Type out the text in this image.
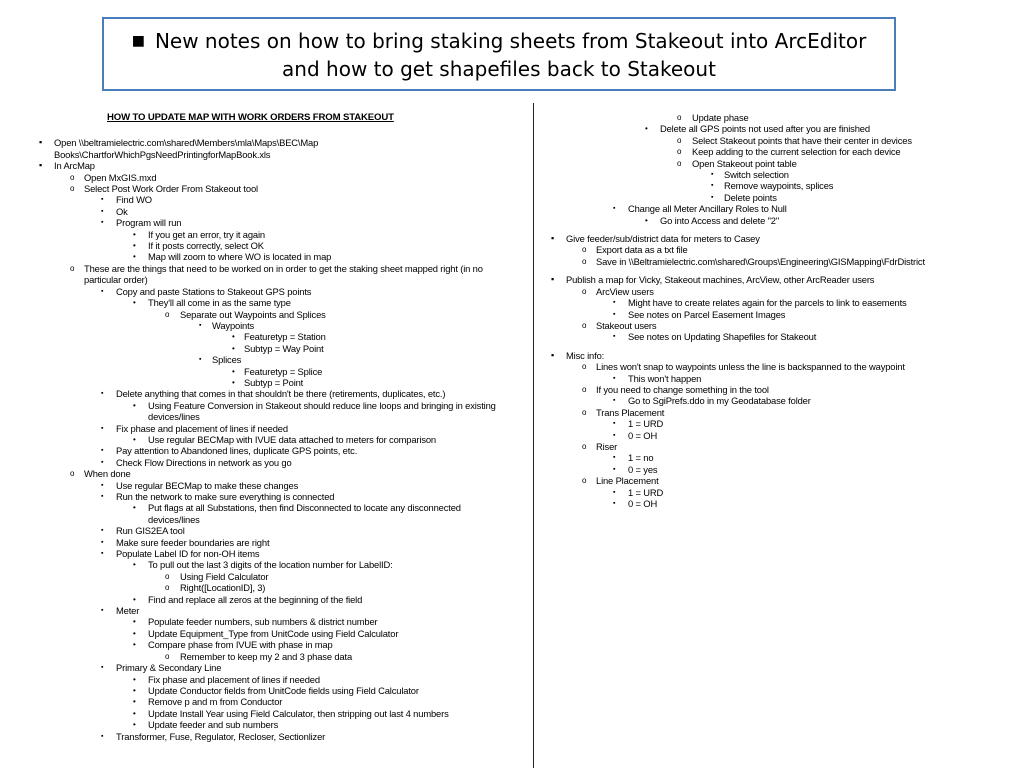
■ New notes on how to bring staking sheets from Stakeout into ArcEditor
and how to get shapefiles back to Stakeout
HOW TO UPDATE MAP WITH WORK ORDERS FROM STAKEOUT
▪ Open \\beltramielectric.com\shared\Members\mla\Maps\BEC\Map Books\ChartforWhichPgsNeedPrintingforMapBook.xls
▪ In ArcMap
o Open MxGIS.mxd
o Select Post Work Order From Stakeout tool
▪ Find WO
▪ Ok
▪ Program will run
• If you get an error, try it again
• If it posts correctly, select OK
• Map will zoom to where WO is located in map
o These are the things that need to be worked on in order to get the staking sheet mapped right (in no particular order)
▪ Copy and paste Stations to Stakeout GPS points
• They'll all come in as the same type
o Separate out Waypoints and Splices
▪ Waypoints
• Featuretyp = Station
• Subtyp = Way Point
▪ Splices
• Featuretyp = Splice
• Subtyp = Point
▪ Delete anything that comes in that shouldn't be there (retirements, duplicates, etc.)
• Using Feature Conversion in Stakeout should reduce line loops and bringing in existing devices/lines
▪ Fix phase and placement of lines if needed
• Use regular BECMap with IVUE data attached to meters for comparison
▪ Pay attention to Abandoned lines, duplicate GPS points, etc.
▪ Check Flow Directions in network as you go
o When done
▪ Use regular BECMap to make these changes
▪ Run the network to make sure everything is connected
• Put flags at all Substations, then find Disconnected to locate any disconnected devices/lines
▪ Run GIS2EA tool
▪ Make sure feeder boundaries are right
▪ Populate Label ID for non-OH items
• To pull out the last 3 digits of the location number for LabelID:
o Using Field Calculator
o Right([LocationID], 3)
• Find and replace all zeros at the beginning of the field
▪ Meter
• Populate feeder numbers, sub numbers & district number
• Update Equipment_Type from UnitCode using Field Calculator
• Compare phase from IVUE with phase in map
o Remember to keep my 2 and 3 phase data
▪ Primary & Secondary Line
• Fix phase and placement of lines if needed
• Update Conductor fields from UnitCode fields using Field Calculator
• Remove p and m from Conductor
• Update Install Year using Field Calculator, then stripping out last 4 numbers
• Update feeder and sub numbers
▪ Transformer, Fuse, Regulator, Recloser, Sectionlizer
o Update phase
• Delete all GPS points not used after you are finished
o Select Stakeout points that have their center in devices
o Keep adding to the current selection for each device
o Open Stakeout point table
▪ Switch selection
▪ Remove waypoints, splices
▪ Delete points
▪ Change all Meter Ancillary Roles to Null
• Go into Access and delete "2"
▪ Give feeder/sub/district data for meters to Casey
o Export data as a txt file
o Save in \\Beltramielectric.com\shared\Groups\Engineering\GISMapping\FdrDistrict
▪ Publish a map for Vicky, Stakeout machines, ArcView, other ArcReader users
o ArcView users
▪ Might have to create relates again for the parcels to link to easements
▪ See notes on Parcel Easement Images
o Stakeout users
▪ See notes on Updating Shapefiles for Stakeout
▪ Misc info:
o Lines won't snap to waypoints unless the line is backspanned to the waypoint
▪ This won't happen
o If you need to change something in the tool
▪ Go to SgiPrefs.ddo in my Geodatabase folder
o Trans Placement
▪ 1 = URD
▪ 0 = OH
o Riser
▪ 1 = no
▪ 0 = yes
o Line Placement
▪ 1 = URD
▪ 0 = OH
